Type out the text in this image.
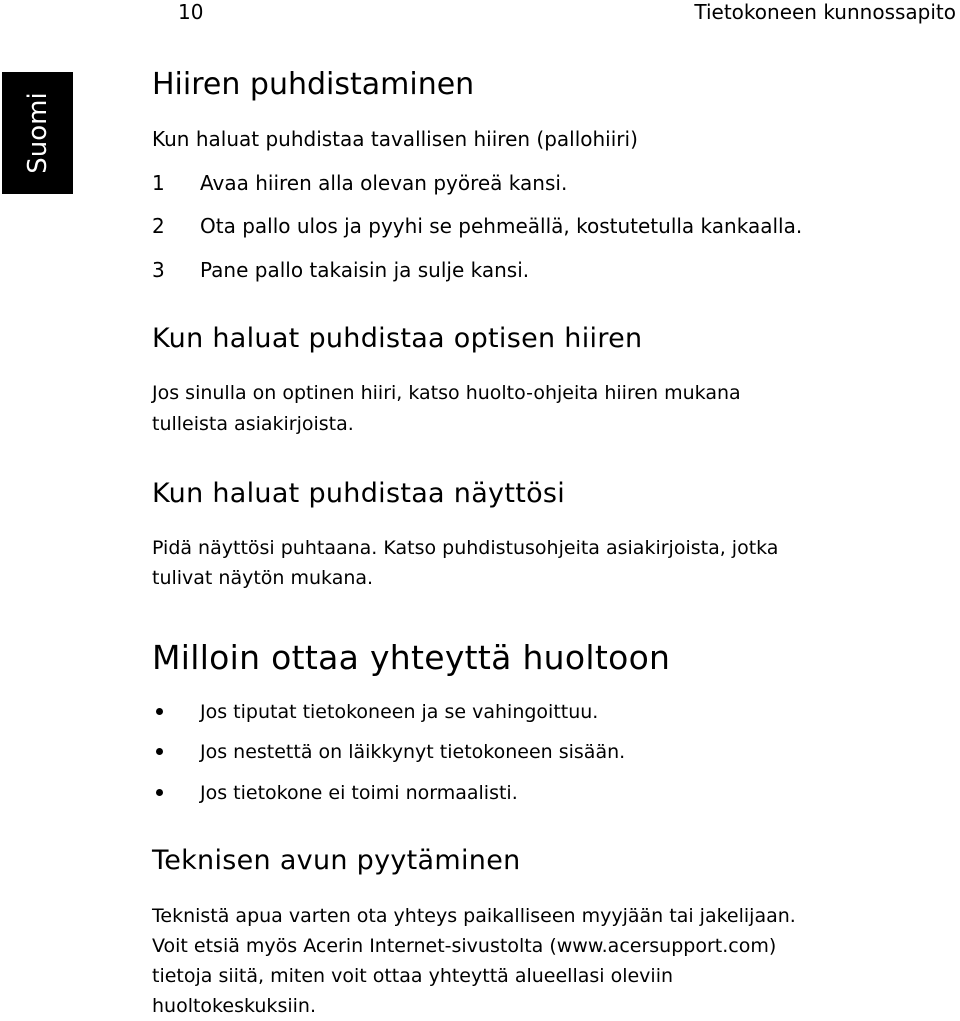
10	Tietokoneen kunnossapito
Suomi
Hiiren puhdistaminen
Kun haluat puhdistaa tavallisen hiiren (pallohiiri)
1 Avaa hiiren alla olevan pyöreä kansi.
2 Ota pallo ulos ja pyyhi se pehmeällä, kostutetulla kankaalla.
3 Pane pallo takaisin ja sulje kansi.
Kun haluat puhdistaa optisen hiiren
Jos sinulla on optinen hiiri, katso huolto-ohjeita hiiren mukana
tulleista asiakirjoista.
Kun haluat puhdistaa näyttösi
Pidä näyttösi puhtaana. Katso puhdistusohjeita asiakirjoista, jotka
tulivat näytön mukana.
Milloin ottaa yhteyttä huoltoon
Jos tiputat tietokoneen ja se vahingoittuu.
Jos nestettä on läikkynyt tietokoneen sisään.
Jos tietokone ei toimi normaalisti.
Teknisen avun pyytäminen
Teknistä apua varten ota yhteys paikalliseen myyjään tai jakelijaan.
Voit etsiä myös Acerin Internet-sivustolta (www.acersupport.com)
tietoja siitä, miten voit ottaa yhteyttä alueellasi oleviin
huoltokeskuksiin.
